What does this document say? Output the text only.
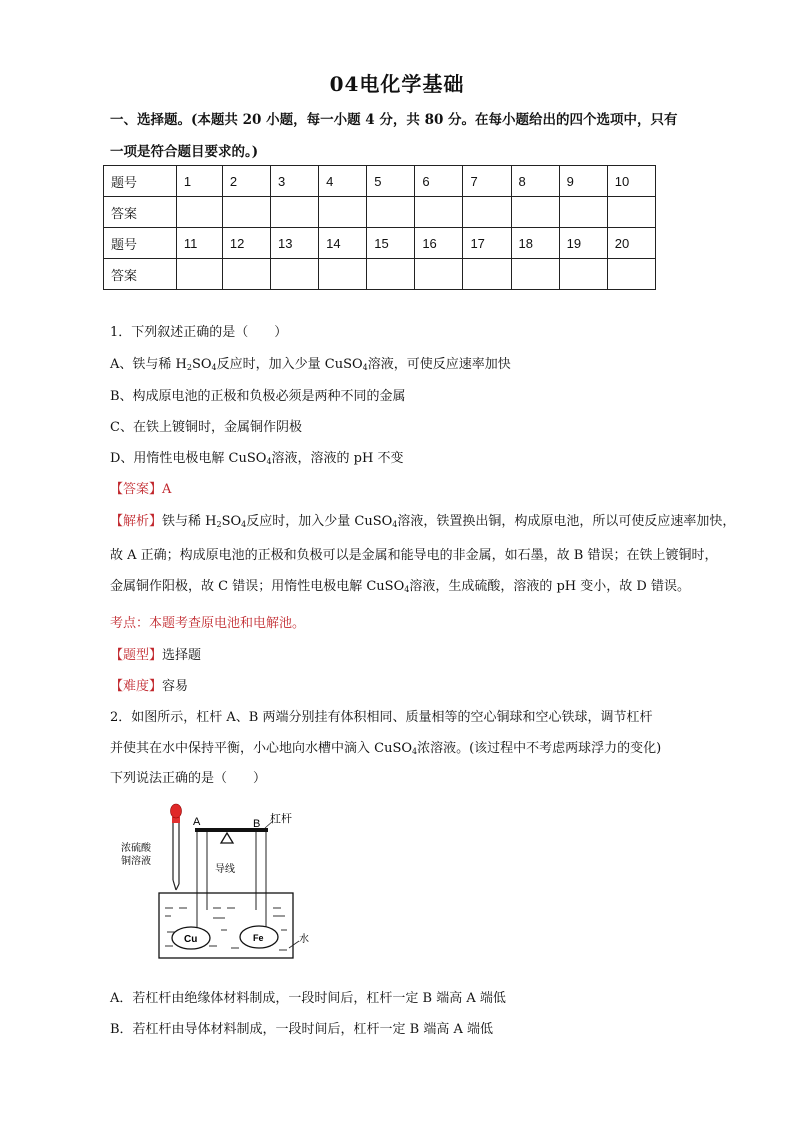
04电化学基础
一、选择题。(本题共 20 小题，每一小题 4 分，共 80 分。在每小题给出的四个选项中，只有
一项是符合题目要求的。)
题号	1	2	3	4	5	6	7	8	9	10
答案										
题号	11	12	13	14	15	16	17	18	19	20
答案										
1．下列叙述正确的是（　　）
A、铁与稀 $H_2SO_4$反应时，加入少量 CuSO$_4$溶液，可使反应速率加快
B、构成原电池的正极和负极必须是两种不同的金属
C、在铁上镀铜时，金属铜作阴极
D、用惰性电极电解 CuSO$_4$溶液，溶液的 pH 不变
【答案】A
【解析】铁与稀 $H_2SO_4$反应时，加入少量 CuSO$_4$溶液，铁置换出铜，构成原电池，所以可使反应速率加快，
故 A 正确；构成原电池的正极和负极可以是金属和能导电的非金属，如石墨，故 B 错误；在铁上镀铜时，
金属铜作阳极，故 C 错误；用惰性电极电解 CuSO$_4$溶液，生成硫酸，溶液的 pH 变小，故 D 错误。
考点：本题考查原电池和电解池。
【题型】选择题
【难度】容易
2．如图所示，杠杆 A、B 两端分别挂有体积相同、质量相等的空心铜球和空心铁球，调节杠杆
并使其在水中保持平衡，小心地向水槽中滴入 CuSO$_4$浓溶液。(该过程中不考虑两球浮力的变化)
下列说法正确的是（　　）
A	B 杠杆
导线
浓硫酸
铜溶液
Cu	Fe	水
A．若杠杆由绝缘体材料制成，一段时间后，杠杆一定 B 端高 A 端低
B．若杠杆由导体材料制成，一段时间后，杠杆一定 B 端高 A 端低
